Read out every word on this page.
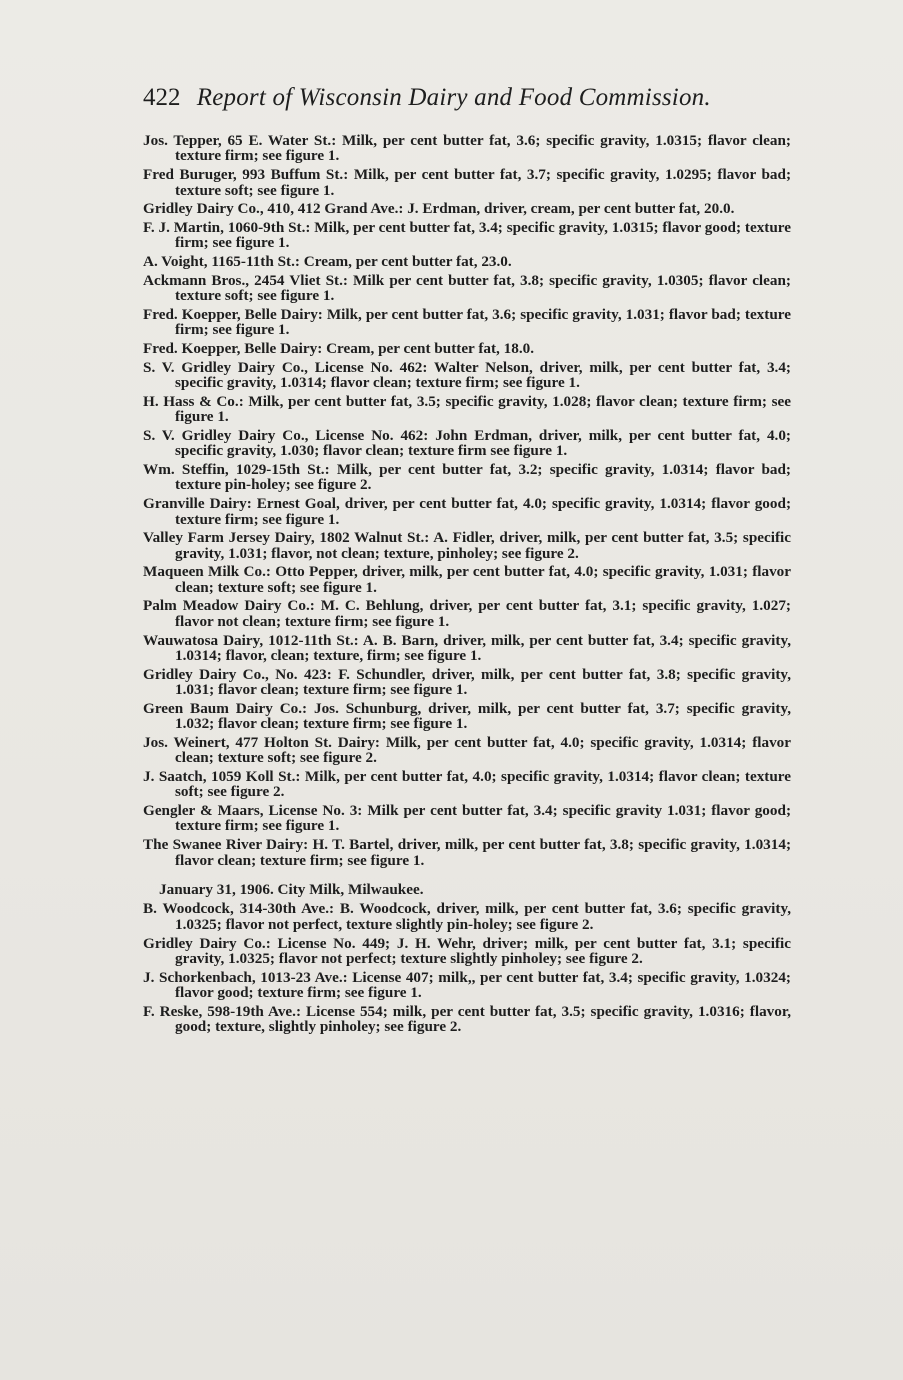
422 Report of Wisconsin Dairy and Food Commission.

Jos. Tepper, 65 E. Water St.: Milk, per cent butter fat, 3.6; specific gravity, 1.0315; flavor clean; texture firm; see figure 1.

Fred Buruger, 993 Buffum St.: Milk, per cent butter fat, 3.7; specific gravity, 1.0295; flavor bad; texture soft; see figure 1.

Gridley Dairy Co., 410, 412 Grand Ave.: J. Erdman, driver, cream, per cent butter fat, 20.0.

F. J. Martin, 1060-9th St.: Milk, per cent butter fat, 3.4; specific gravity, 1.0315; flavor good; texture firm; see figure 1.

A. Voight, 1165-11th St.: Cream, per cent butter fat, 23.0.

Ackmann Bros., 2454 Vliet St.: Milk per cent butter fat, 3.8; specific gravity, 1.0305; flavor clean; texture soft; see figure 1.

Fred. Koepper, Belle Dairy: Milk, per cent butter fat, 3.6; specific gravity, 1.031; flavor bad; texture firm; see figure 1.

Fred. Koepper, Belle Dairy: Cream, per cent butter fat, 18.0.

S. V. Gridley Dairy Co., License No. 462: Walter Nelson, driver, milk, per cent butter fat, 3.4; specific gravity, 1.0314; flavor clean; texture firm; see figure 1.

H. Hass & Co.: Milk, per cent butter fat, 3.5; specific gravity, 1.028; flavor clean; texture firm; see figure 1.

S. V. Gridley Dairy Co., License No. 462: John Erdman, driver, milk, per cent butter fat, 4.0; specific gravity, 1.030; flavor clean; texture firm see figure 1.

Wm. Steffin, 1029-15th St.: Milk, per cent butter fat, 3.2; specific gravity, 1.0314; flavor bad; texture pin-holey; see figure 2.

Granville Dairy: Ernest Goal, driver, per cent butter fat, 4.0; specific gravity, 1.0314; flavor good; texture firm; see figure 1.

Valley Farm Jersey Dairy, 1802 Walnut St.: A. Fidler, driver, milk, per cent butter fat, 3.5; specific gravity, 1.031; flavor, not clean; texture, pinholey; see figure 2.

Maqueen Milk Co.: Otto Pepper, driver, milk, per cent butter fat, 4.0; specific gravity, 1.031; flavor clean; texture soft; see figure 1.

Palm Meadow Dairy Co.: M. C. Behlung, driver, per cent butter fat, 3.1; specific gravity, 1.027; flavor not clean; texture firm; see figure 1.

Wauwatosa Dairy, 1012-11th St.: A. B. Barn, driver, milk, per cent butter fat, 3.4; specific gravity, 1.0314; flavor, clean; texture, firm; see figure 1.

Gridley Dairy Co., No. 423: F. Schundler, driver, milk, per cent butter fat, 3.8; specific gravity, 1.031; flavor clean; texture firm; see figure 1.

Green Baum Dairy Co.: Jos. Schunburg, driver, milk, per cent butter fat, 3.7; specific gravity, 1.032; flavor clean; texture firm; see figure 1.

Jos. Weinert, 477 Holton St. Dairy: Milk, per cent butter fat, 4.0; specific gravity, 1.0314; flavor clean; texture soft; see figure 2.

J. Saatch, 1059 Koll St.: Milk, per cent butter fat, 4.0; specific gravity, 1.0314; flavor clean; texture soft; see figure 2.

Gengler & Maars, License No. 3: Milk per cent butter fat, 3.4; specific gravity 1.031; flavor good; texture firm; see figure 1.

The Swanee River Dairy: H. T. Bartel, driver, milk, per cent butter fat, 3.8; specific gravity, 1.0314; flavor clean; texture firm; see figure 1.

January 31, 1906. City Milk, Milwaukee.

B. Woodcock, 314-30th Ave.: B. Woodcock, driver, milk, per cent butter fat, 3.6; specific gravity, 1.0325; flavor not perfect, texture slightly pin-holey; see figure 2.

Gridley Dairy Co.: License No. 449; J. H. Wehr, driver; milk, per cent butter fat, 3.1; specific gravity, 1.0325; flavor not perfect; texture slightly pinholey; see figure 2.

J. Schorkenbach, 1013-23 Ave.: License 407; milk,, per cent butter fat, 3.4; specific gravity, 1.0324; flavor good; texture firm; see figure 1.

F. Reske, 598-19th Ave.: License 554; milk, per cent butter fat, 3.5; specific gravity, 1.0316; flavor, good; texture, slightly pinholey; see figure 2.
